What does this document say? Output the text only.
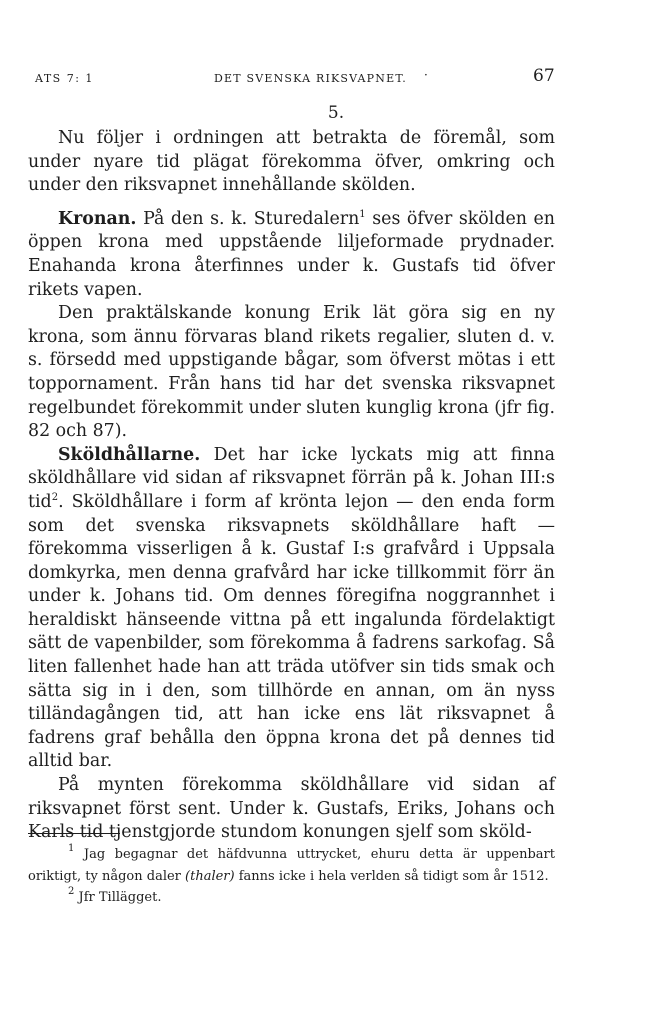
ATS 7: 1	DET SVENSKA RIKSVAPNET. ·	67
5.

Nu följer i ordningen att betrakta de föremål, som under nyare tid plägat förekomma öfver, omkring och under den riksvapnet innehållande skölden.

Kronan. På den s. k. Sturedalern$^1$ ses öfver skölden en öppen krona med uppstående liljeformade prydnader. Enahanda krona återfinnes under k. Gustafs tid öfver rikets vapen.

Den praktälskande konung Erik lät göra sig en ny krona, som ännu förvaras bland rikets regalier, sluten d. v. s. försedd med uppstigande bågar, som öfverst mötas i ett toppornament. Från hans tid har det svenska riksvapnet regelbundet förekommit under sluten kunglig krona (jfr fig. 82 och 87).

Sköldhållarne. Det har icke lyckats mig att finna sköldhållare vid sidan af riksvapnet förrän på k. Johan III:s tid$^2$. Sköldhållare i form af krönta lejon — den enda form som det svenska riksvapnets sköldhållare haft — förekomma visserligen å k. Gustaf I:s grafvård i Uppsala domkyrka, men denna grafvård har icke tillkommit förr än under k. Johans tid. Om dennes föregifna noggrannhet i heraldiskt hänseende vittna på ett ingalunda fördelaktigt sätt de vapenbilder, som förekomma å fadrens sarkofag. Så liten fallenhet hade han att träda utöfver sin tids smak och sätta sig in i den, som tillhörde en annan, om än nyss tilländagången tid, att han icke ens lät riksvapnet å fadrens graf behålla den öppna krona det på dennes tid alltid bar.

På mynten förekomma sköldhållare vid sidan af riksvapnet först sent. Under k. Gustafs, Eriks, Johans och Karls tid tjenstgjorde stundom konungen sjelf som sköld-

$^1$ Jag begagnar det häfdvunna uttrycket, ehuru detta är uppenbart oriktigt, ty någon daler (thaler) fanns icke i hela verlden så tidigt som år 1512.

$^2$ Jfr Tillägget.
